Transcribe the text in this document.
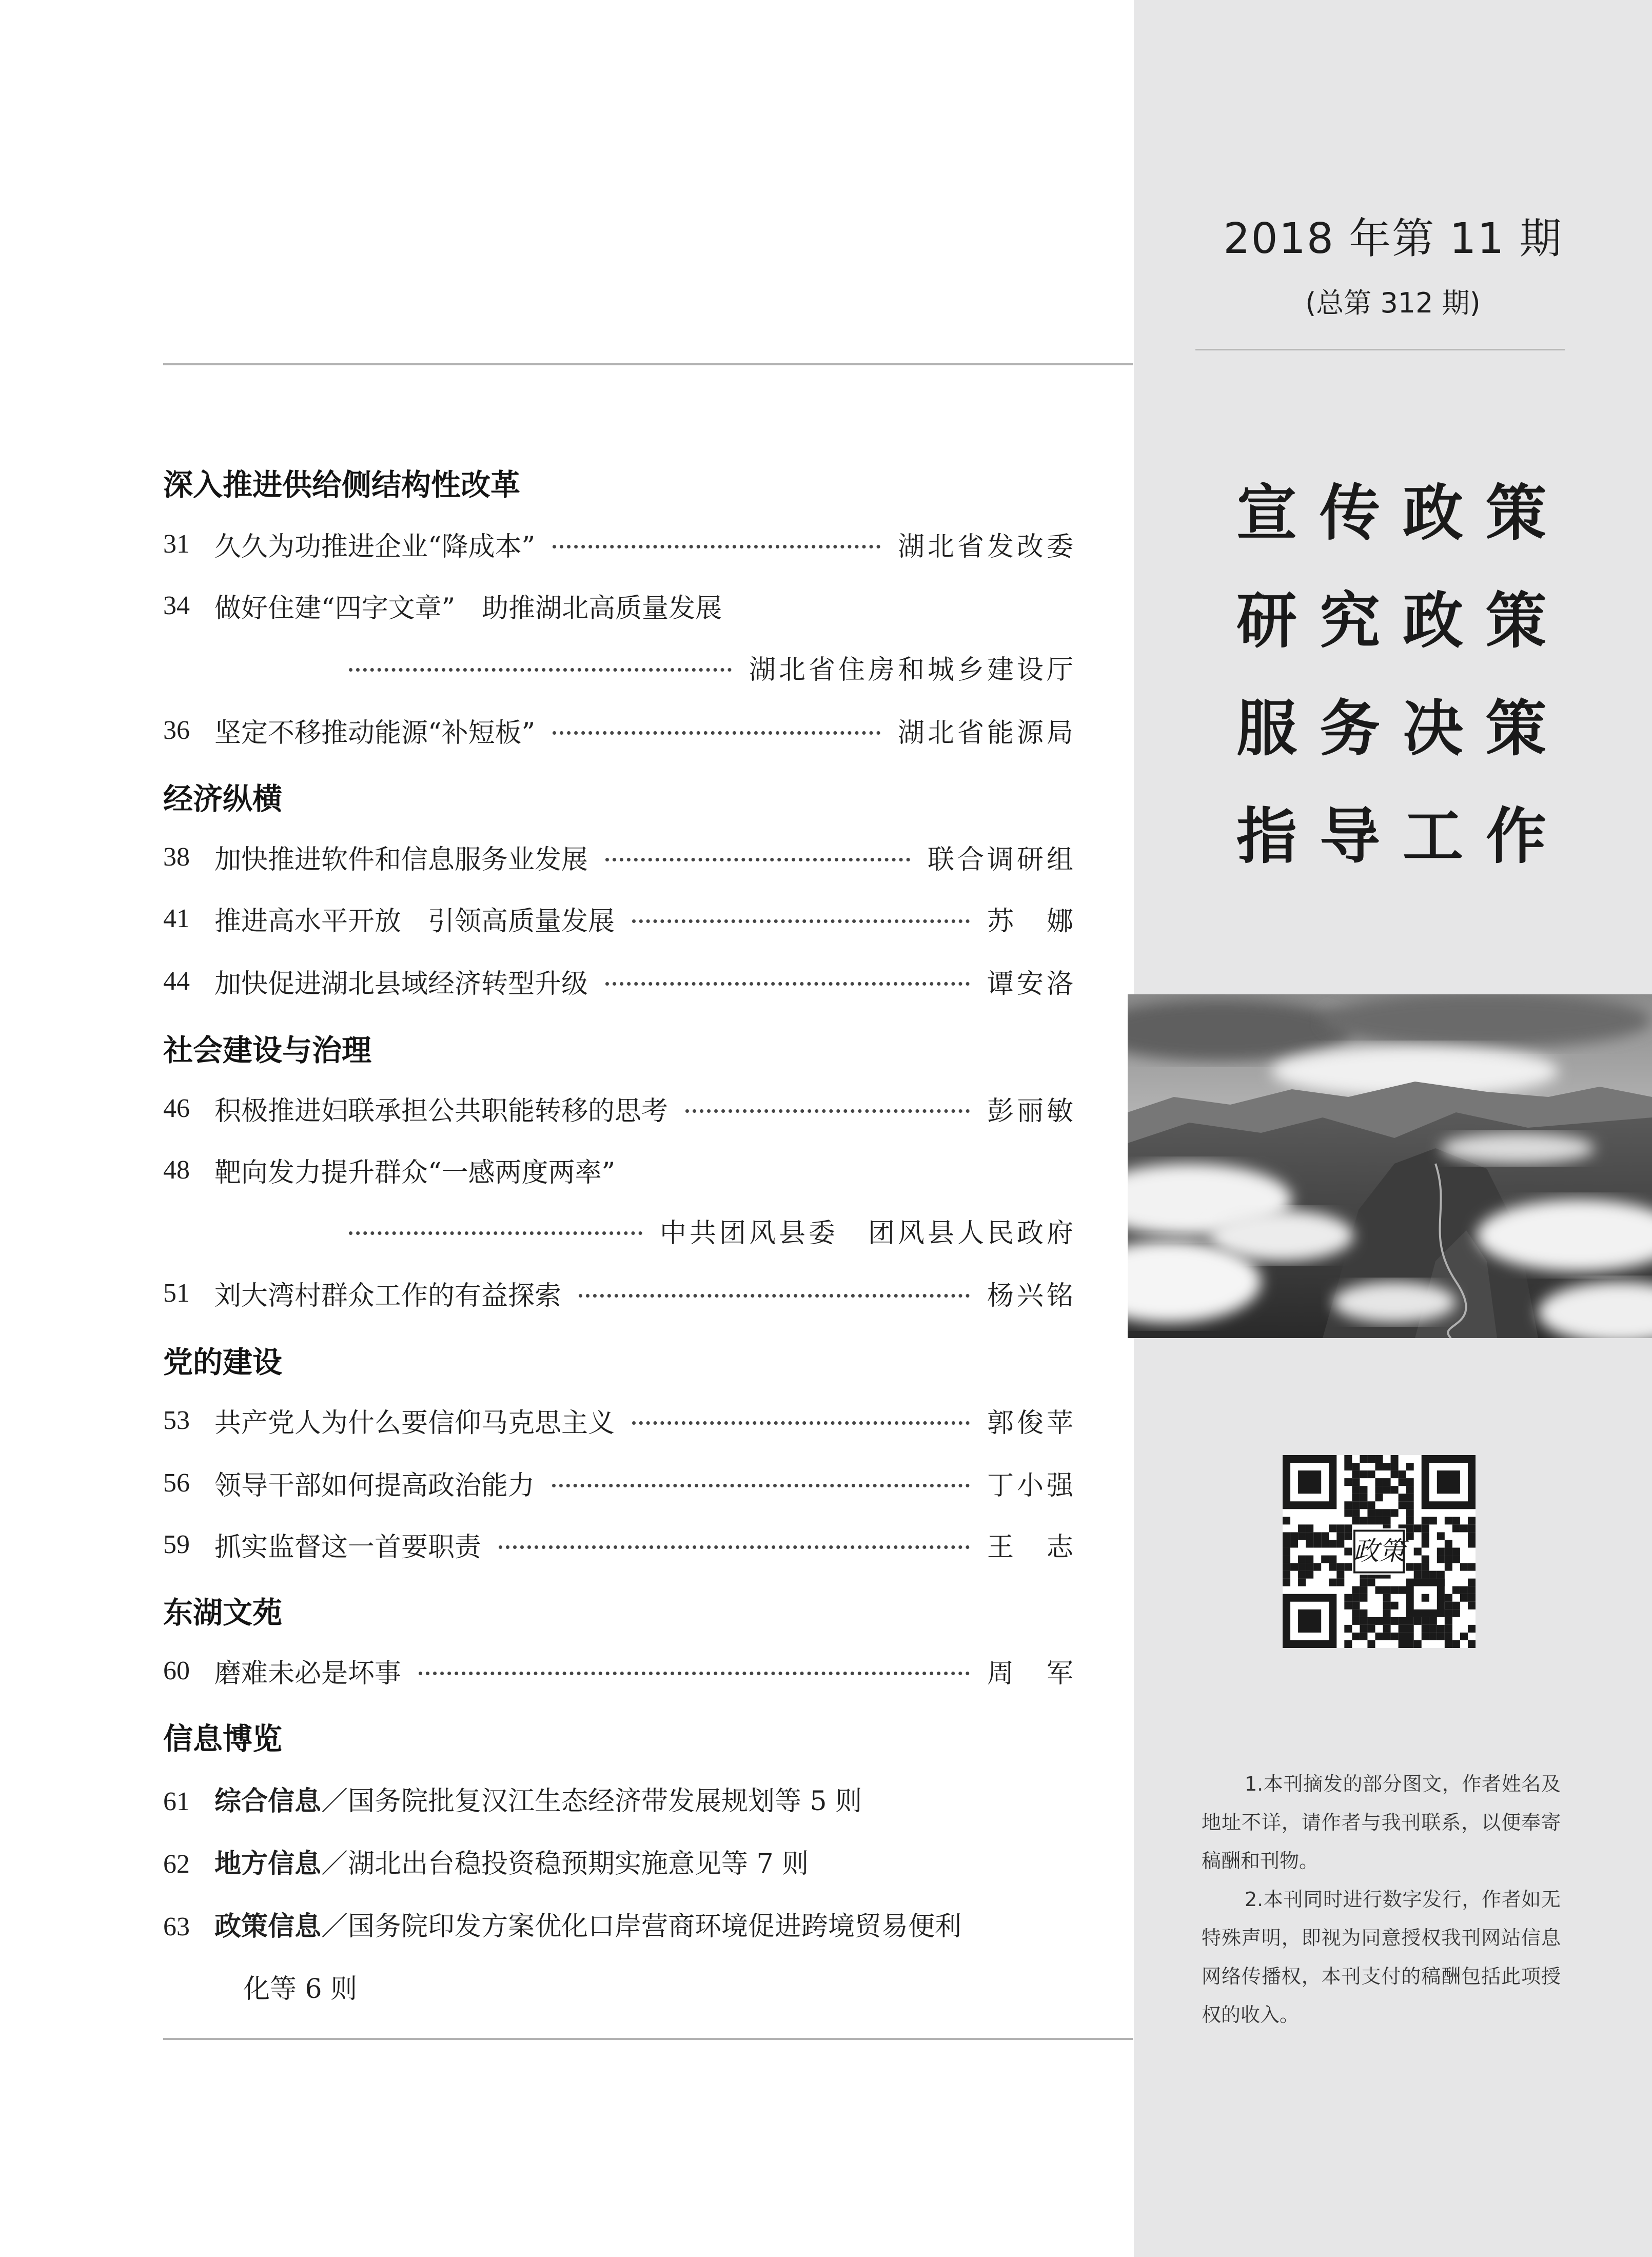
2018 年第 11 期
(总第 312 期)
宣传政策
研究政策
服务决策
指导工作
政策

1.本刊摘发的部分图文，作者姓名及地址不详，请作者与我刊联系，以便奉寄稿酬和刊物。

2.本刊同时进行数字发行，作者如无特殊声明，即视为同意授权我刊网站信息网络传播权，本刊支付的稿酬包括此项授权的收入。

深入推进供给侧结构性改革
31 久久为功推进企业“降成本”	湖北省发改委
34 做好住建“四字文章”　助推湖北高质量发展
湖北省住房和城乡建设厅
36 坚定不移推动能源“补短板”	湖北省能源局
经济纵横
38 加快推进软件和信息服务业发展	联合调研组
41 推进高水平开放　引领高质量发展	苏　娜
44 加快促进湖北县域经济转型升级	谭安洛
社会建设与治理
46 积极推进妇联承担公共职能转移的思考	彭丽敏
48 靶向发力提升群众“一感两度两率”
中共团风县委　团风县人民政府
51 刘大湾村群众工作的有益探索	杨兴铭
党的建设
53 共产党人为什么要信仰马克思主义	郭俊苹
56 领导干部如何提高政治能力	丁小强
59 抓实监督这一首要职责	王　志
东湖文苑
60 磨难未必是坏事	周　军
信息博览
61 综合信息／国务院批复汉江生态经济带发展规划等 5 则
62 地方信息／湖北出台稳投资稳预期实施意见等 7 则
63 政策信息／国务院印发方案优化口岸营商环境促进跨境贸易便利
化等 6 则
